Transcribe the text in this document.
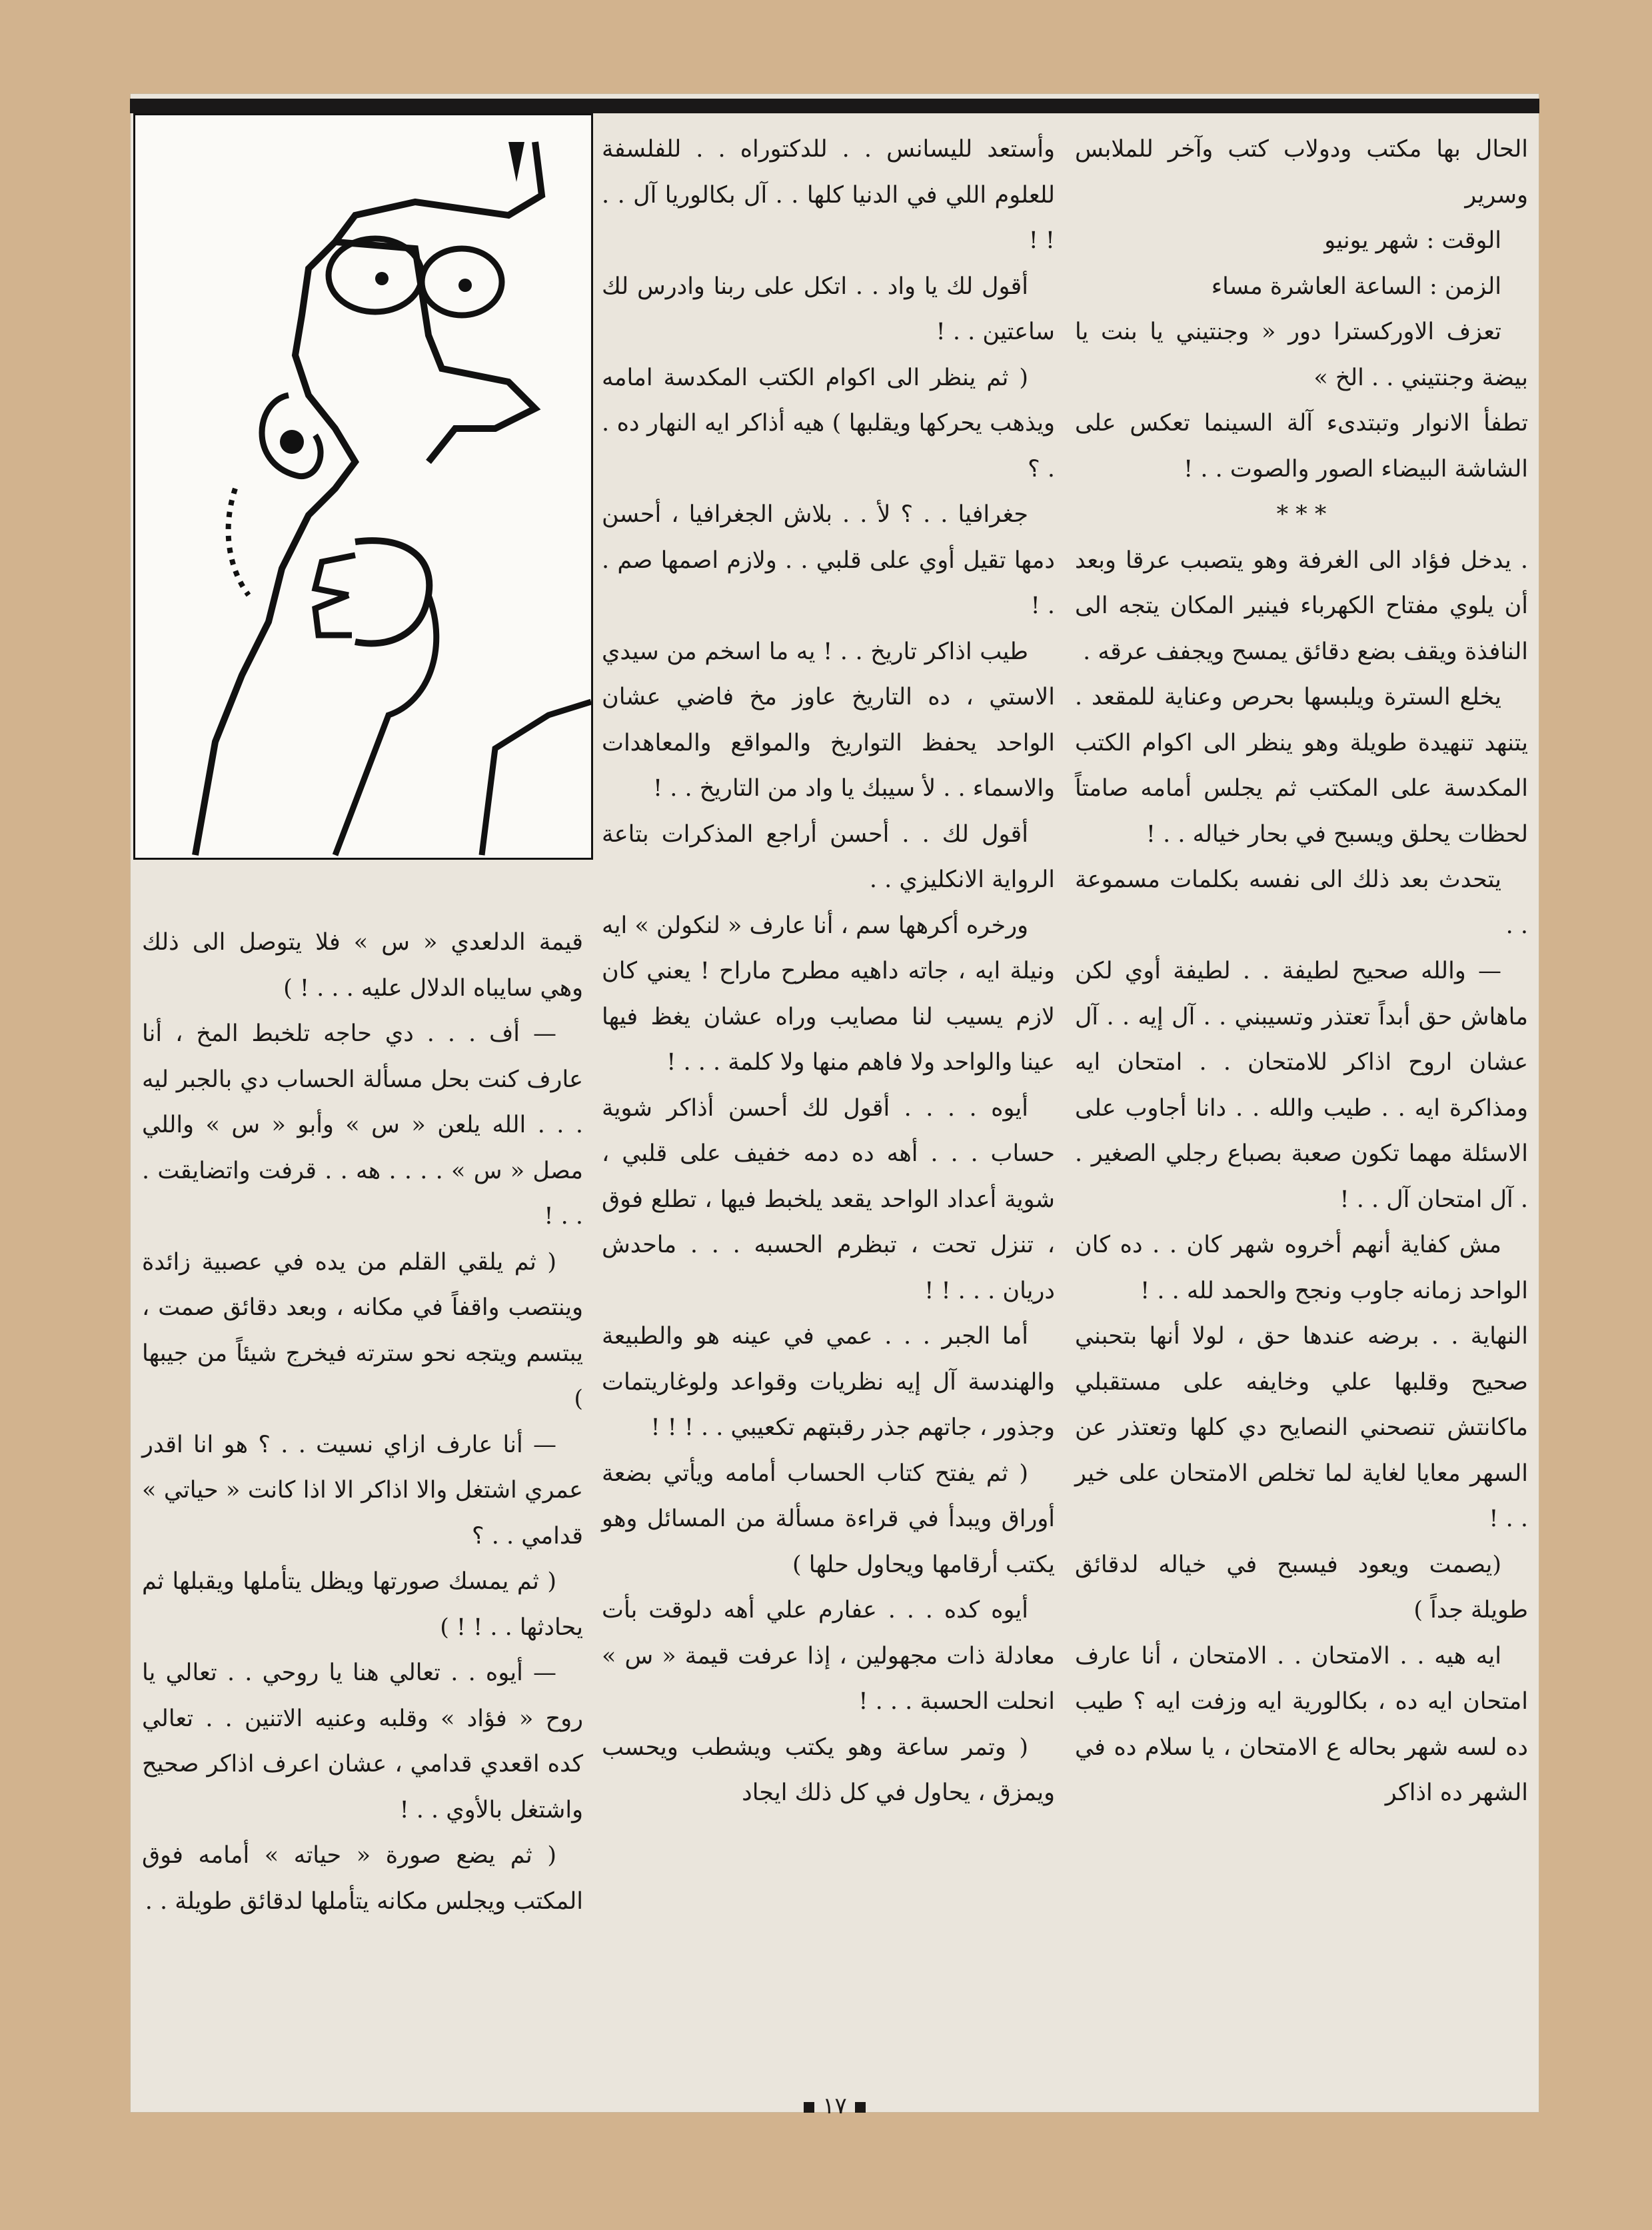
الحال بها مكتب ودولاب كتب وآخر للملابس وسرير

الوقت : شهر يونيو

الزمن : الساعة العاشرة مساء

تعزف الاوركسترا دور « وجنتيني يا بنت يا بيضة وجنتيني . . الخ »

تطفأ الانوار وتبتدىء آلة السينما تعكس على الشاشة البيضاء الصور والصوت . . !

* * *

. يدخل فؤاد الى الغرفة وهو يتصبب عرقا وبعد أن يلوي مفتاح الكهرباء فينير المكان يتجه الى النافذة ويقف بضع دقائق يمسح ويجفف عرقه .

يخلع السترة ويلبسها بحرص وعناية للمقعد . يتنهد تنهيدة طويلة وهو ينظر الى اكوام الكتب المكدسة على المكتب ثم يجلس أمامه صامتاً لحظات يحلق ويسبح في بحار خياله . . !

يتحدث بعد ذلك الى نفسه بكلمات مسموعة . .

— والله صحيح لطيفة . . لطيفة أوي لكن ماهاش حق أبداً تعتذر وتسيبني . . آل إيه . . آل عشان اروح اذاكر للامتحان . . امتحان ايه ومذاكرة ايه . . طيب والله . . دانا أجاوب على الاسئلة مهما تكون صعبة بصباع رجلي الصغير . . آل امتحان آل . . !

مش كفاية أنهم أخروه شهر كان . . ده كان الواحد زمانه جاوب ونجح والحمد لله . . !

النهاية . . برضه عندها حق ، لولا أنها بتحبني صحيح وقلبها علي وخايفه على مستقبلي ماكانتش تنصحني النصايح دي كلها وتعتذر عن السهر معايا لغاية لما تخلص الامتحان على خير . . !

(يصمت ويعود فيسبح في خياله لدقائق طويلة جداً )

ايه هيه . . الامتحان . . الامتحان ، أنا عارف امتحان ايه ده ، بكالورية ايه وزفت ايه ؟ طيب ده لسه شهر بحاله ع الامتحان ، يا سلام ده في الشهر ده اذاكر

وأستعد لليسانس . . للدكتوراه . . للفلسفة للعلوم اللي في الدنيا كلها . . آل بكالوريا آل . . ! !

أقول لك يا واد . . اتكل على ربنا وادرس لك ساعتين . . !

( ثم ينظر الى اكوام الكتب المكدسة امامه ويذهب يحركها ويقلبها ) هيه أذاكر ايه النهار ده . . ؟

جغرافيا . . ؟ لأ . . بلاش الجغرافيا ، أحسن دمها تقيل أوي على قلبي . . ولازم اصمها صم . . !

طيب اذاكر تاريخ . . ! يه ما اسخم من سيدي الاستي ، ده التاريخ عاوز مخ فاضي عشان الواحد يحفظ التواريخ والمواقع والمعاهدات والاسماء . . لأ سيبك يا واد من التاريخ . . !

أقول لك . . أحسن أراجع المذكرات بتاعة الرواية الانكليزي . .

ورخره أكرهها سم ، أنا عارف « لنكولن » ايه ونيلة ايه ، جاته داهيه مطرح ماراح ! يعني كان لازم يسيب لنا مصايب وراه عشان يغظ فيها عينا والواحد ولا فاهم منها ولا كلمة . . . !

أيوه . . . . أقول لك أحسن أذاكر شوية حساب . . . أهه ده دمه خفيف على قلبي ، شوية أعداد الواحد يقعد يلخبط فيها ، تطلع فوق ، تنزل تحت ، تبظرم الحسبه . . . ماحدش دريان . . . ! !

أما الجبر . . . عمي في عينه هو والطبيعة والهندسة آل إيه نظريات وقواعد ولوغاريتمات وجذور ، جاتهم جذر رقبتهم تكعيبي . . ! ! !

( ثم يفتح كتاب الحساب أمامه ويأتي بضعة أوراق ويبدأ في قراءة مسألة من المسائل وهو يكتب أرقامها ويحاول حلها )

أيوه كده . . . عفارم علي أهه دلوقت بأت معادلة ذات مجهولين ، إذا عرفت قيمة « س » انحلت الحسبة . . . !

( وتمر ساعة وهو يكتب ويشطب ويحسب ويمزق ، يحاول في كل ذلك ايجاد

قيمة الدلعدي « س » فلا يتوصل الى ذلك وهي سايباه الدلال عليه . . . ! )

— أف . . . دي حاجه تلخبط المخ ، أنا عارف كنت بحل مسألة الحساب دي بالجبر ليه . . . الله يلعن « س » وأبو « س » واللي مصل « س » . . . . هه . . قرفت واتضايقت . . . !

( ثم يلقي القلم من يده في عصبية زائدة وينتصب واقفاً في مكانه ، وبعد دقائق صمت ، يبتسم ويتجه نحو سترته فيخرج شيئاً من جيبها )

— أنا عارف ازاي نسيت . . ؟ هو انا اقدر عمري اشتغل والا اذاكر الا اذا كانت « حياتي » قدامي . . ؟

( ثم يمسك صورتها ويظل يتأملها ويقبلها ثم يحادثها . . ! ! )

— أيوه . . تعالي هنا يا روحي . . تعالي يا روح « فؤاد » وقلبه وعنيه الاتنين . . تعالي كده اقعدي قدامي ، عشان اعرف اذاكر صحيح واشتغل بالأوي . . !

( ثم يضع صورة « حياته » أمامه فوق المكتب ويجلس مكانه يتأملها لدقائق طويلة . .

١٧
